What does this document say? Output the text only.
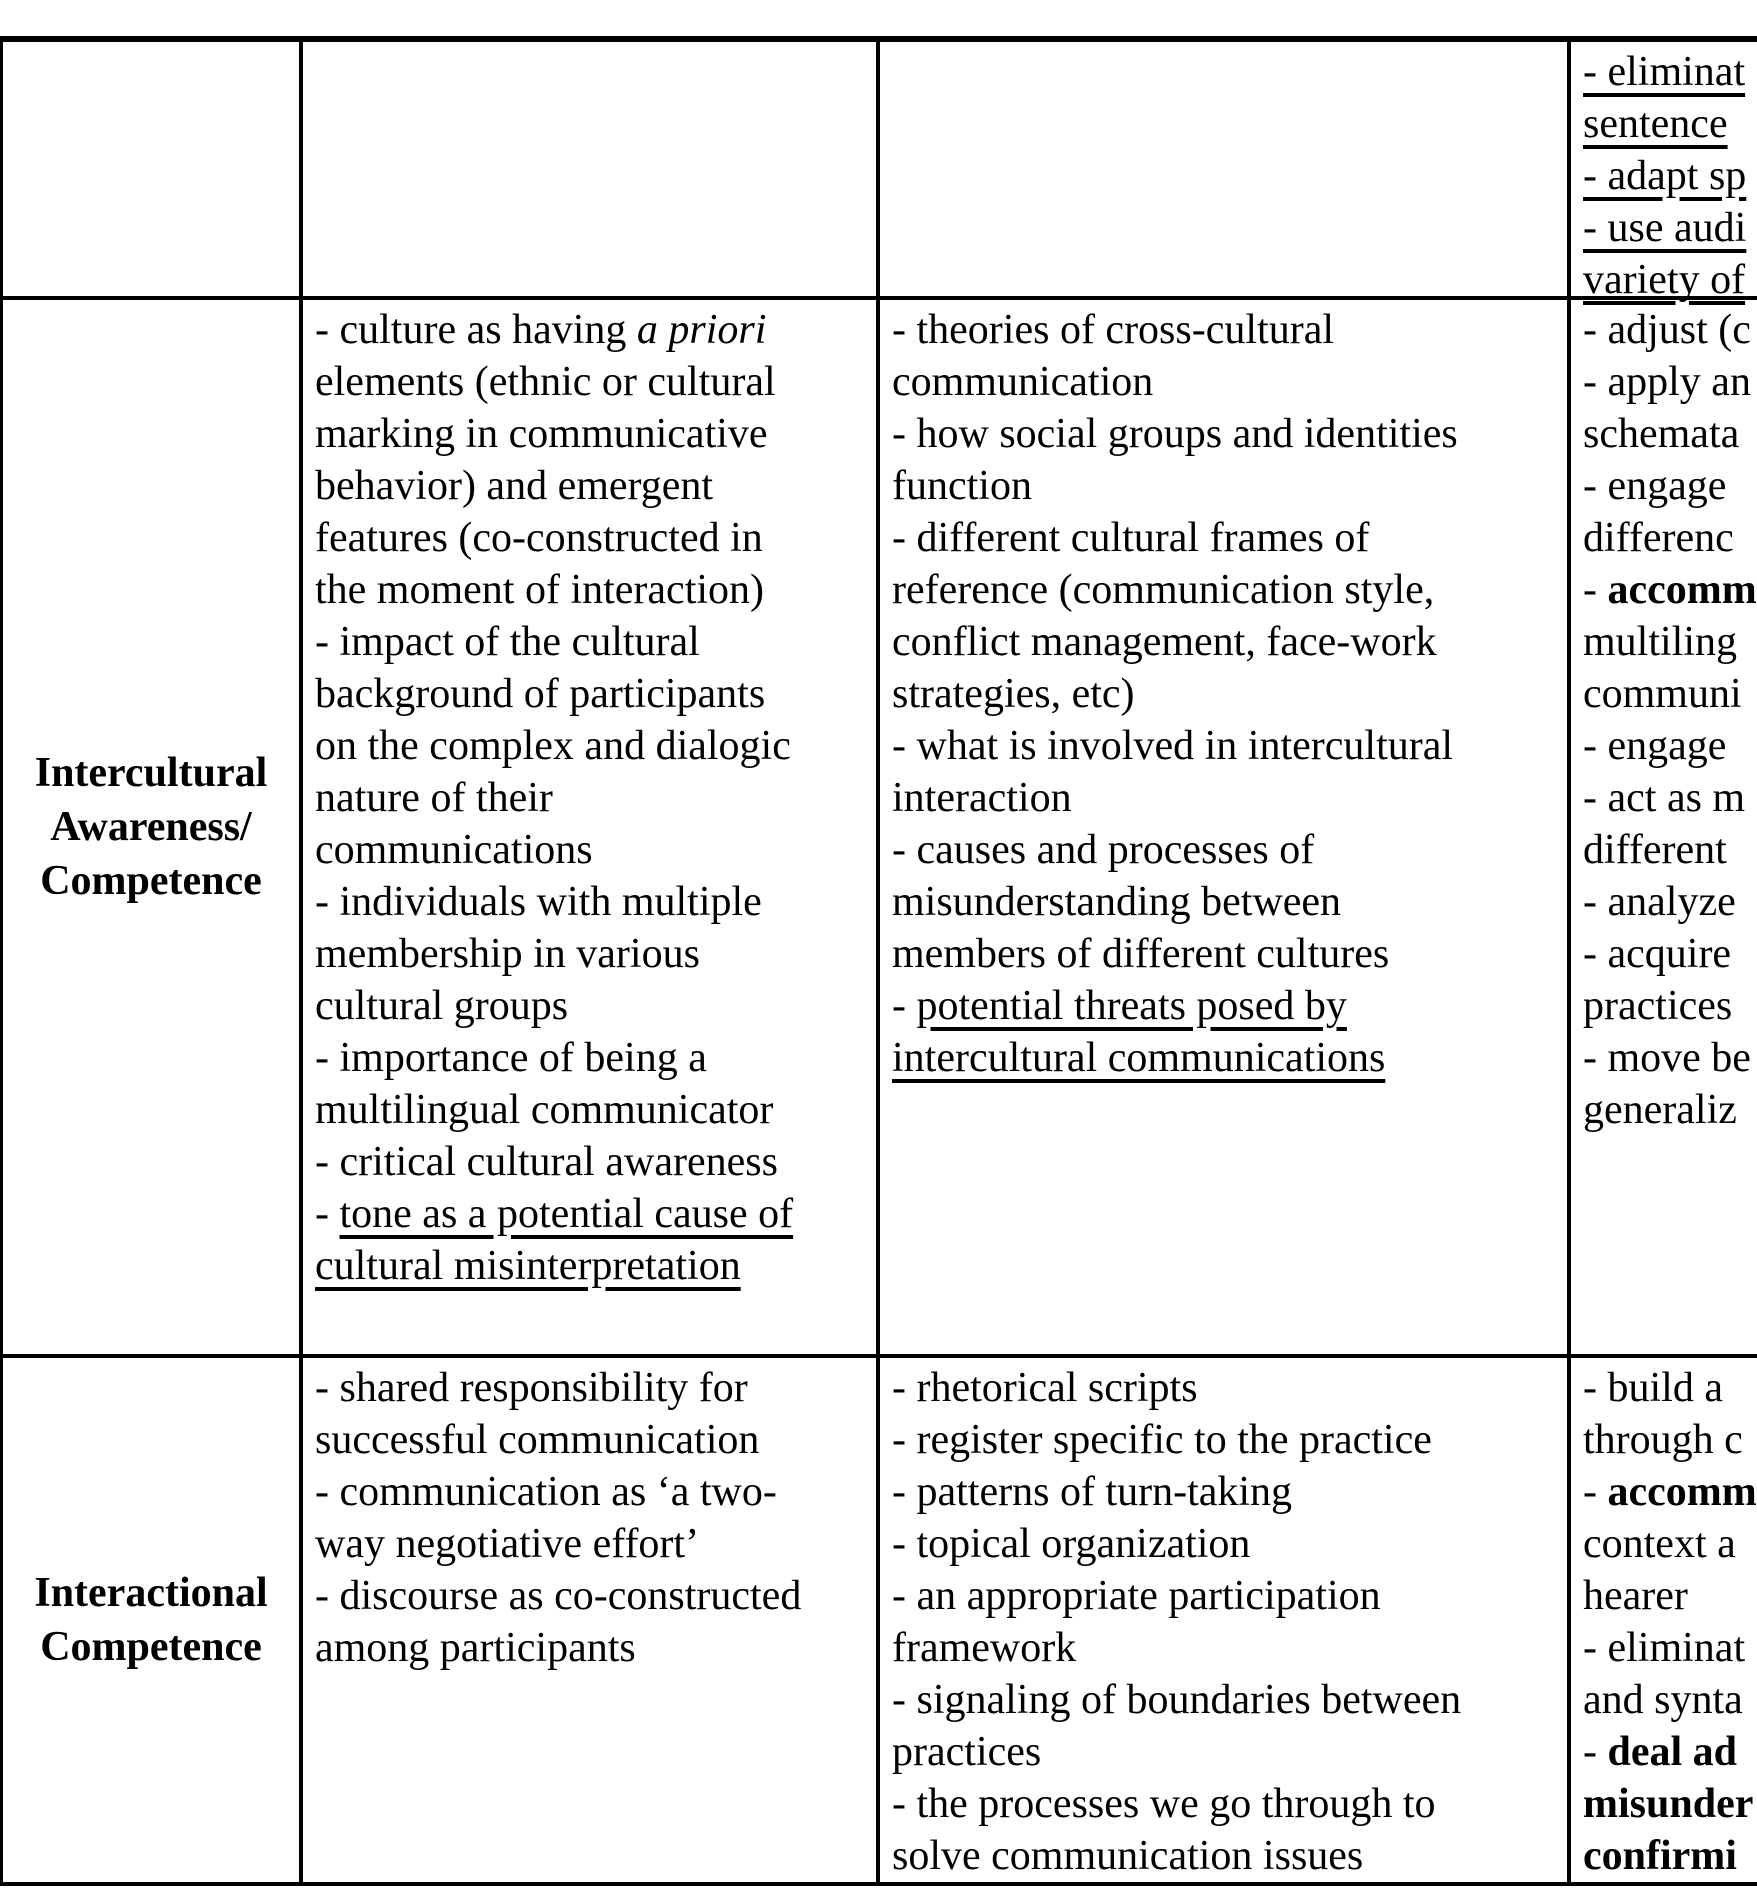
- eliminat
sentence
- adapt sp
- use audi
variety of
Intercultural
Awareness/
Competence
- culture as having a priori
elements (ethnic or cultural
marking in communicative
behavior) and emergent
features (co-constructed in
the moment of interaction)
- impact of the cultural
background of participants
on the complex and dialogic
nature of their
communications
- individuals with multiple
membership in various
cultural groups
- importance of being a
multilingual communicator
- critical cultural awareness
- tone as a potential cause of
cultural misinterpretation
- theories of cross-cultural
communication
- how social groups and identities
function
- different cultural frames of
reference (communication style,
conflict management, face-work
strategies, etc)
- what is involved in intercultural
interaction
- causes and processes of
misunderstanding between
members of different cultures
- potential threats posed by
intercultural communications
- adjust (c
- apply an
schemata
- engage
differenc
- accomm
multiling
communi
- engage
- act as m
different
- analyze
- acquire
practices
- move be
generaliz
Interactional
Competence
- shared responsibility for
successful communication
- communication as ‘a two-
way negotiative effort’
- discourse as co-constructed
among participants
- rhetorical scripts
- register specific to the practice
- patterns of turn-taking
- topical organization
- an appropriate participation
framework
- signaling of boundaries between
practices
- the processes we go through to
solve communication issues
- build a
through c
- accomm
context a
hearer
- eliminat
and synta
- deal ad
misunder
confirmi
